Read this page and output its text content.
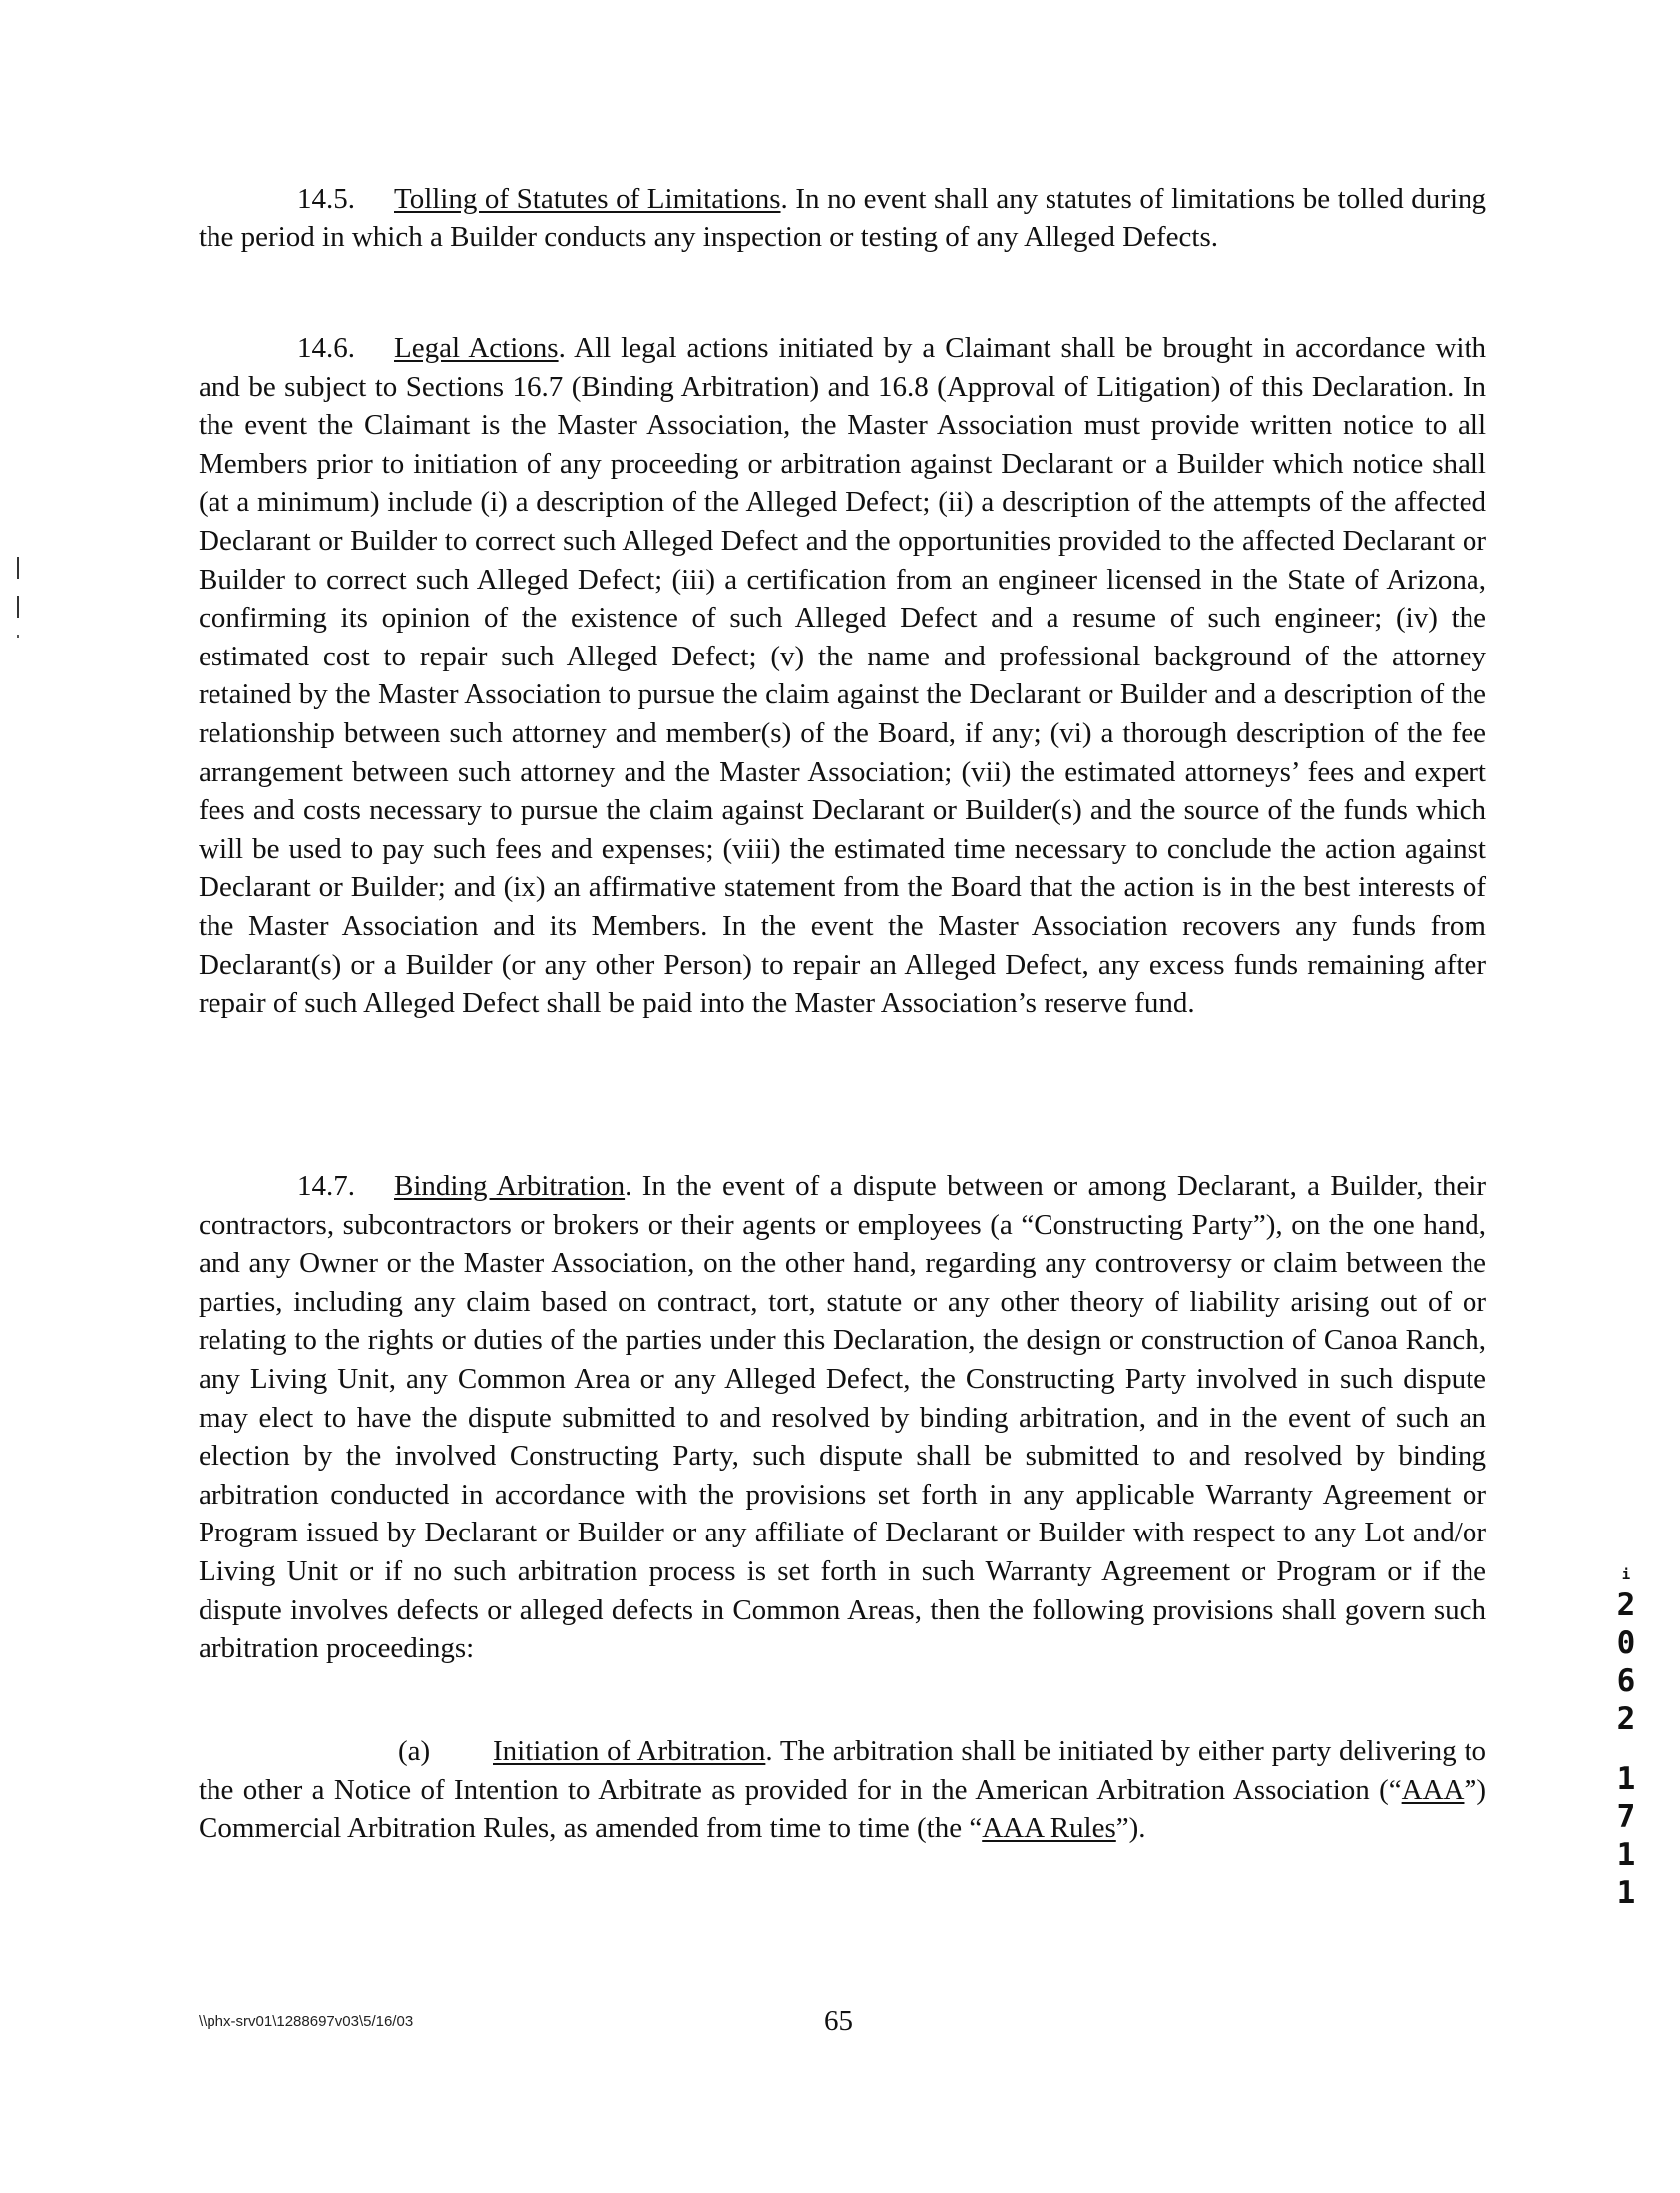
14.5. Tolling of Statutes of Limitations. In no event shall any statutes of limitations be tolled during the period in which a Builder conducts any inspection or testing of any Alleged Defects.

14.6. Legal Actions. All legal actions initiated by a Claimant shall be brought in accordance with and be subject to Sections 16.7 (Binding Arbitration) and 16.8 (Approval of Litigation) of this Declaration. In the event the Claimant is the Master Association, the Master Association must provide written notice to all Members prior to initiation of any proceeding or arbitration against Declarant or a Builder which notice shall (at a minimum) include (i) a description of the Alleged Defect; (ii) a description of the attempts of the affected Declarant or Builder to correct such Alleged Defect and the opportunities provided to the affected Declarant or Builder to correct such Alleged Defect; (iii) a certification from an engineer licensed in the State of Arizona, confirming its opinion of the existence of such Alleged Defect and a resume of such engineer; (iv) the estimated cost to repair such Alleged Defect; (v) the name and professional background of the attorney retained by the Master Association to pursue the claim against the Declarant or Builder and a description of the relationship between such attorney and member(s) of the Board, if any; (vi) a thorough description of the fee arrangement between such attorney and the Master Association; (vii) the estimated attorneys’ fees and expert fees and costs necessary to pursue the claim against Declarant or Builder(s) and the source of the funds which will be used to pay such fees and expenses; (viii) the estimated time necessary to conclude the action against Declarant or Builder; and (ix) an affirmative statement from the Board that the action is in the best interests of the Master Association and its Members. In the event the Master Association recovers any funds from Declarant(s) or a Builder (or any other Person) to repair an Alleged Defect, any excess funds remaining after repair of such Alleged Defect shall be paid into the Master Association’s reserve fund.

14.7. Binding Arbitration. In the event of a dispute between or among Declarant, a Builder, their contractors, subcontractors or brokers or their agents or employees (a “Constructing Party”), on the one hand, and any Owner or the Master Association, on the other hand, regarding any controversy or claim between the parties, including any claim based on contract, tort, statute or any other theory of liability arising out of or relating to the rights or duties of the parties under this Declaration, the design or construction of Canoa Ranch, any Living Unit, any Common Area or any Alleged Defect, the Constructing Party involved in such dispute may elect to have the dispute submitted to and resolved by binding arbitration, and in the event of such an election by the involved Constructing Party, such dispute shall be submitted to and resolved by binding arbitration conducted in accordance with the provisions set forth in any applicable Warranty Agreement or Program issued by Declarant or Builder or any affiliate of Declarant or Builder with respect to any Lot and/or Living Unit or if no such arbitration process is set forth in such Warranty Agreement or Program or if the dispute involves defects or alleged defects in Common Areas, then the following provisions shall govern such arbitration proceedings:

(a) Initiation of Arbitration. The arbitration shall be initiated by either party delivering to the other a Notice of Intention to Arbitrate as provided for in the American Arbitration Association (“AAA”) Commercial Arbitration Rules, as amended from time to time (the “AAA Rules”).

i
2
0
6
2
1
7
1
1
\\phx-srv01\1288697v03\5/16/03	65
